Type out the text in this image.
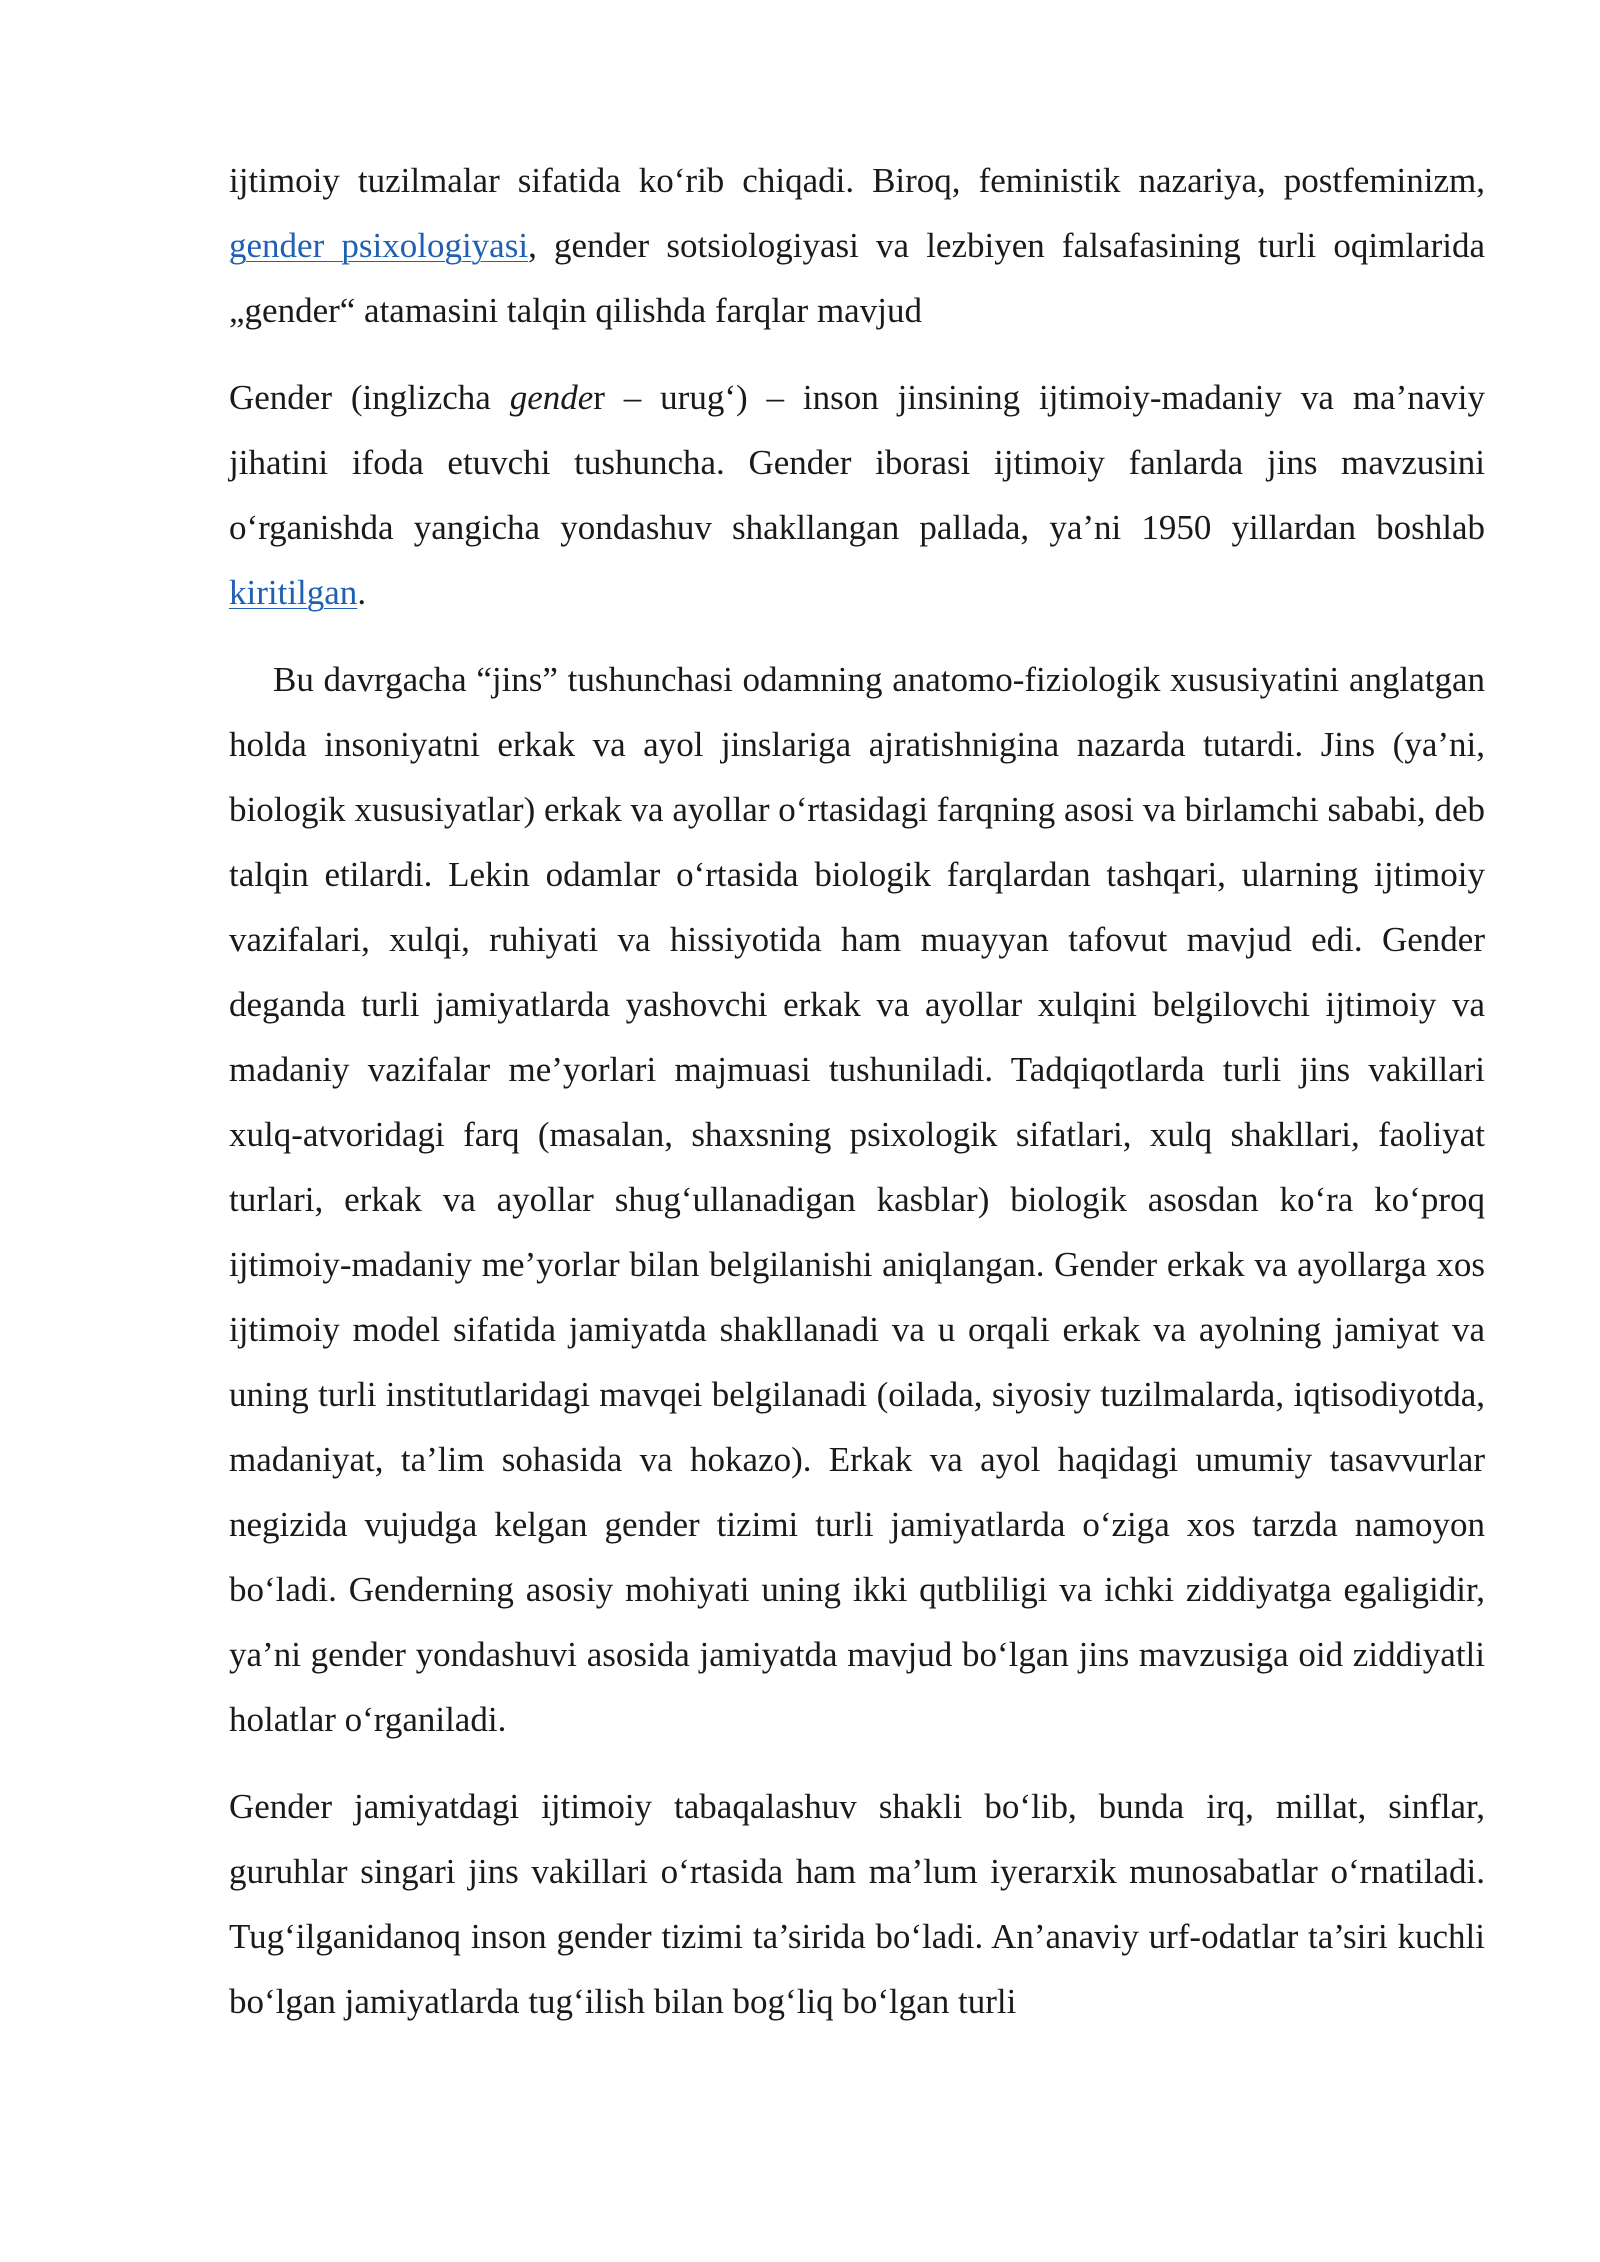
ijtimoiy tuzilmalar sifatida ko‘rib chiqadi. Biroq, feministik nazariya, postfeminizm, gender psixologiyasi, gender sotsiologiyasi va lezbiyen falsafasining turli oqimlarida „gender“ atamasini talqin qilishda farqlar mavjud

Gender (inglizcha gender – urug‘) – inson jinsining ijtimoiy-madaniy va ma’naviy jihatini ifoda etuvchi tushuncha. Gender iborasi ijtimoiy fanlarda jins mavzusini o‘rganishda yangicha yondashuv shakllangan pallada, ya’ni 1950 yillardan boshlab kiritilgan.

Bu davrgacha “jins” tushunchasi odamning anatomo-fiziologik xususiyatini anglatgan holda insoniyatni erkak va ayol jinslariga ajratishnigina nazarda tutardi. Jins (ya’ni, biologik xususiyatlar) erkak va ayollar o‘rtasidagi farqning asosi va birlamchi sababi, deb talqin etilardi. Lekin odamlar o‘rtasida biologik farqlardan tashqari, ularning ijtimoiy vazifalari, xulqi, ruhiyati va hissiyotida ham muayyan tafovut mavjud edi. Gender deganda turli jamiyatlarda yashovchi erkak va ayollar xulqini belgilovchi ijtimoiy va madaniy vazifalar me’yorlari majmuasi tushuniladi. Tadqiqotlarda turli jins vakillari xulq-atvoridagi farq (masalan, shaxsning psixologik sifatlari, xulq shakllari, faoliyat turlari, erkak va ayollar shug‘ullanadigan kasblar) biologik asosdan ko‘ra ko‘proq ijtimoiy-madaniy me’yorlar bilan belgilanishi aniqlangan. Gender erkak va ayollarga xos ijtimoiy model sifatida jamiyatda shakllanadi va u orqali erkak va ayolning jamiyat va uning turli institutlaridagi mavqei belgilanadi (oilada, siyosiy tuzilmalarda, iqtisodiyotda, madaniyat, ta’lim sohasida va hokazo). Erkak va ayol haqidagi umumiy tasavvurlar negizida vujudga kelgan gender tizimi turli jamiyatlarda o‘ziga xos tarzda namoyon bo‘ladi. Genderning asosiy mohiyati uning ikki qutbliligi va ichki ziddiyatga egaligidir, ya’ni gender yondashuvi asosida jamiyatda mavjud bo‘lgan jins mavzusiga oid ziddiyatli holatlar o‘rganiladi.

Gender jamiyatdagi ijtimoiy tabaqalashuv shakli bo‘lib, bunda irq, millat, sinflar, guruhlar singari jins vakillari o‘rtasida ham ma’lum iyerarxik munosabatlar o‘rnatiladi. Tug‘ilganidanoq inson gender tizimi ta’sirida bo‘ladi. An’anaviy urf-odatlar ta’siri kuchli bo‘lgan jamiyatlarda tug‘ilish bilan bog‘liq bo‘lgan turli
